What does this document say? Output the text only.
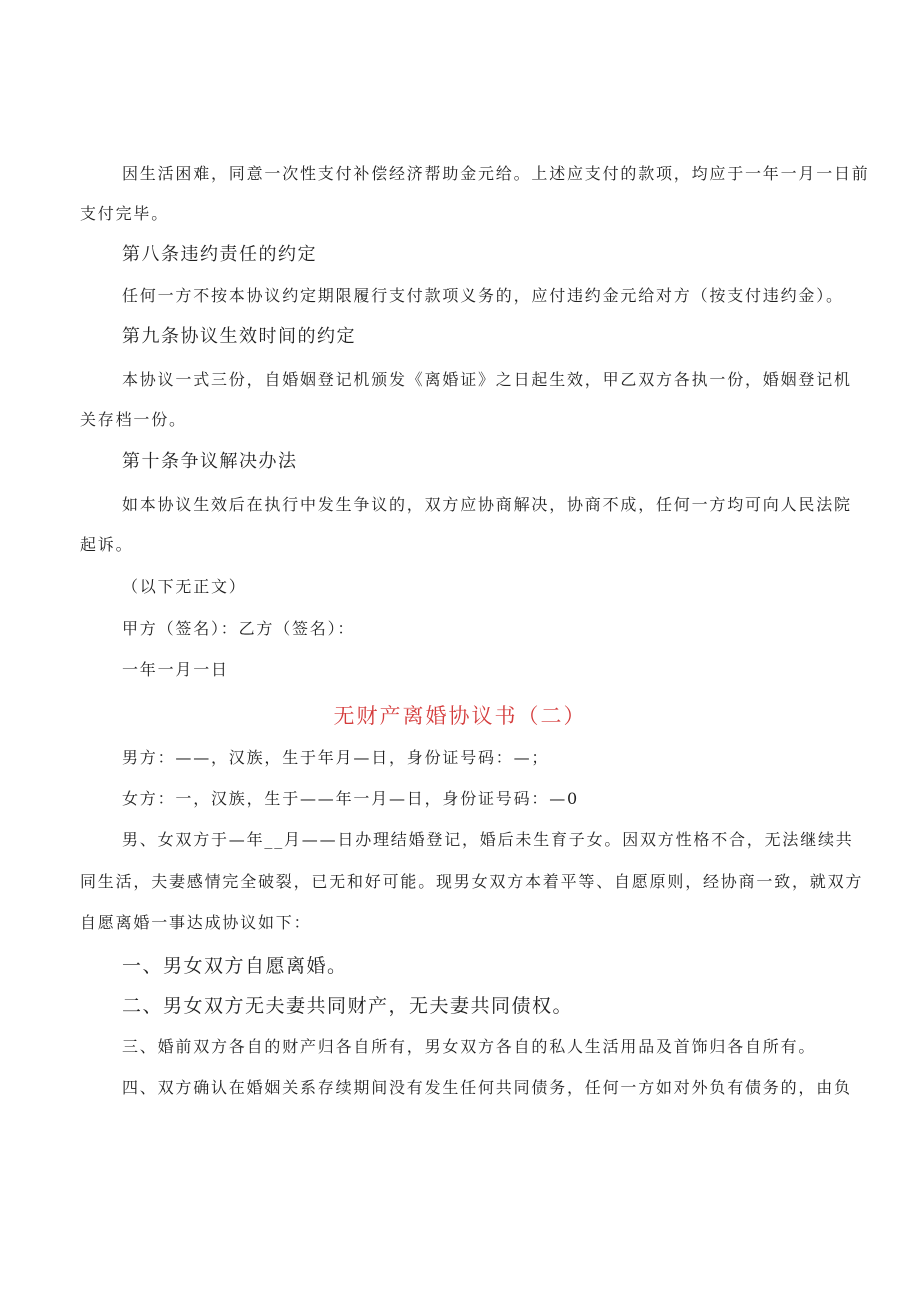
因生活困难，同意一次性支付补偿经济帮助金元给。上述应支付的款项，均应于一年一月一日前
支付完毕。
第八条违约责任的约定
任何一方不按本协议约定期限履行支付款项义务的，应付违约金元给对方（按支付违约金）。
第九条协议生效时间的约定
本协议一式三份，自婚姻登记机颁发《离婚证》之日起生效，甲乙双方各执一份，婚姻登记机
关存档一份。
第十条争议解决办法
如本协议生效后在执行中发生争议的，双方应协商解决，协商不成，任何一方均可向人民法院
起诉。
（以下无正文）
甲方（签名）：乙方（签名）：
一年一月一日
无财产离婚协议书（二）
男方：——，汉族，生于年月—日，身份证号码：—；
女方：一，汉族，生于——年一月—日，身份证号码：—0
男、女双方于—年__月——日办理结婚登记，婚后未生育子女。因双方性格不合，无法继续共
同生活，夫妻感情完全破裂，已无和好可能。现男女双方本着平等、自愿原则，经协商一致，就双方
自愿离婚一事达成协议如下：
一、男女双方自愿离婚。
二、男女双方无夫妻共同财产，无夫妻共同债权。
三、婚前双方各自的财产归各自所有，男女双方各自的私人生活用品及首饰归各自所有。
四、双方确认在婚姻关系存续期间没有发生任何共同债务，任何一方如对外负有债务的，由负
